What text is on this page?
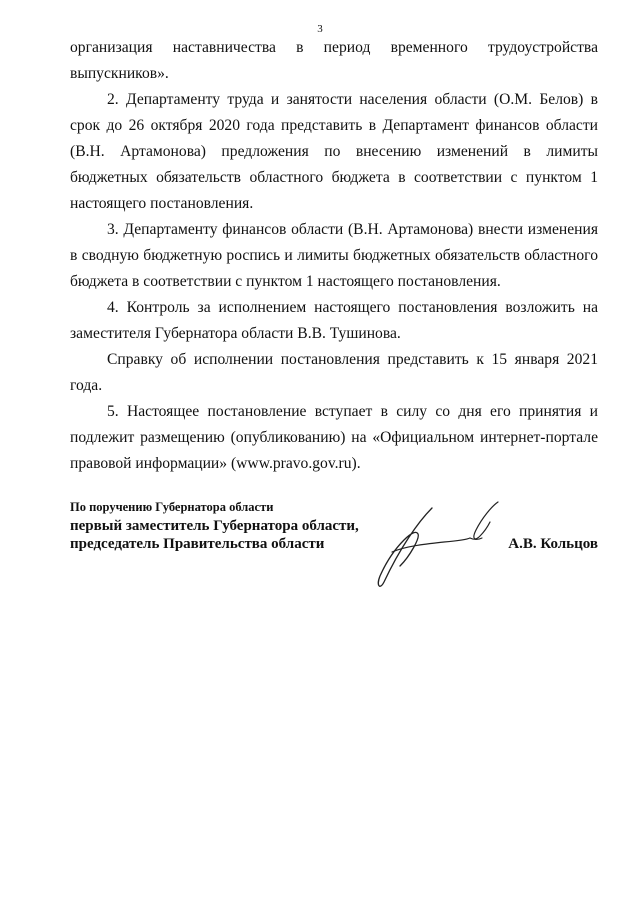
3

организация наставничества в период временного трудоустройства выпускников».

2. Департаменту труда и занятости населения области (О.М. Белов) в срок до 26 октября 2020 года представить в Департамент финансов области (В.Н. Артамонова) предложения по внесению изменений в лимиты бюджетных обязательств областного бюджета в соответствии с пунктом 1 настоящего постановления.

3. Департаменту финансов области (В.Н. Артамонова) внести изменения в сводную бюджетную роспись и лимиты бюджетных обязательств областного бюджета в соответствии с пунктом 1 настоящего постановления.

4. Контроль за исполнением настоящего постановления возложить на заместителя Губернатора области В.В. Тушинова.

Справку об исполнении постановления представить к 15 января 2021 года.

5. Настоящее постановление вступает в силу со дня его принятия и подлежит размещению (опубликованию) на «Официальном интернет-портале правовой информации» (www.pravo.gov.ru).

По поручению Губернатора области
первый заместитель Губернатора области,
председатель Правительства области	А.В. Кольцов
